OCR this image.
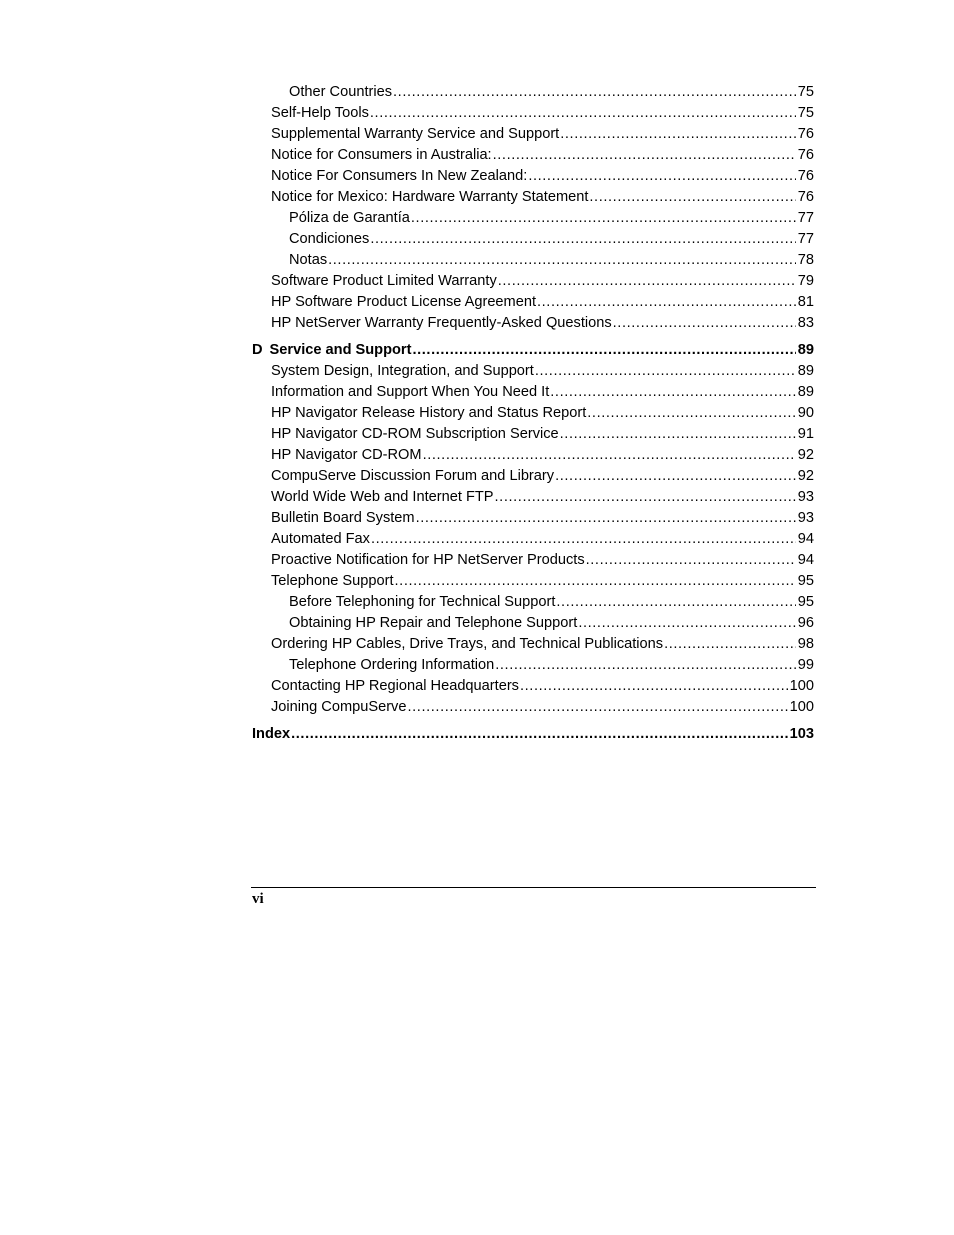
Other Countries .....	75
Self-Help Tools .....	75
Supplemental Warranty Service and Support .....	76
Notice for Consumers in Australia: .....	76
Notice For Consumers In New Zealand: .....	76
Notice for Mexico: Hardware Warranty Statement .....	76
Póliza de Garantía .....	77
Condiciones .....	77
Notas .....	78
Software Product Limited Warranty .....	79
HP Software Product License Agreement .....	81
HP NetServer Warranty Frequently-Asked Questions .....	83
D Service and Support .....	89
System Design, Integration, and Support .....	89
Information and Support When You Need It .....	89
HP Navigator Release History and Status Report .....	90
HP Navigator CD-ROM Subscription Service .....	91
HP Navigator CD-ROM .....	92
CompuServe Discussion Forum and Library .....	92
World Wide Web and Internet FTP .....	93
Bulletin Board System .....	93
Automated Fax .....	94
Proactive Notification for HP NetServer Products .....	94
Telephone Support .....	95
Before Telephoning for Technical Support .....	95
Obtaining HP Repair and Telephone Support .....	96
Ordering HP Cables, Drive Trays, and Technical Publications .....	98
Telephone Ordering Information .....	99
Contacting HP Regional Headquarters .....	100
Joining CompuServe .....	100
Index .....	103
vi
